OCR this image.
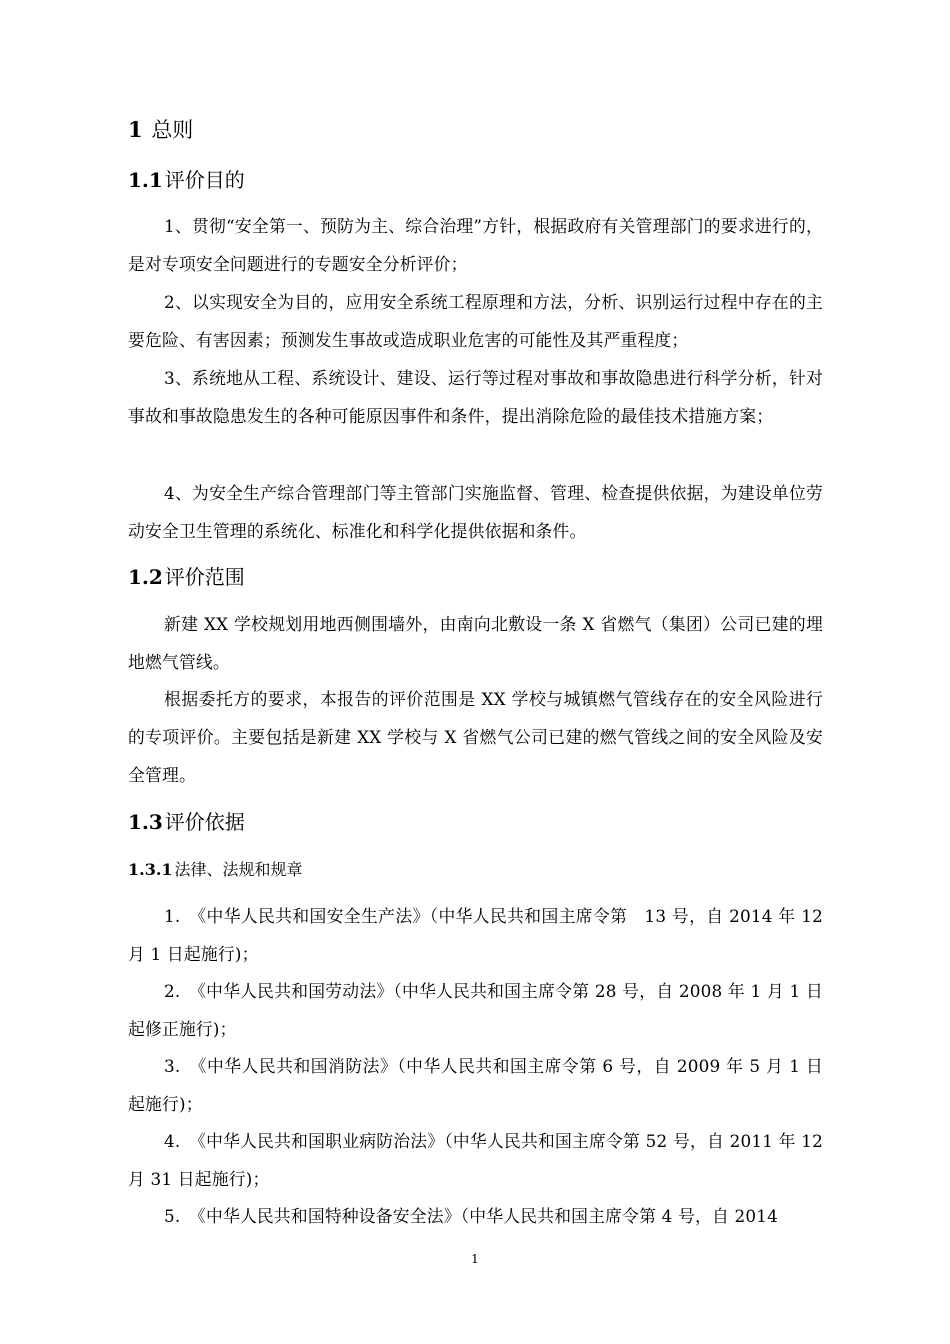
1 总则
1.1 评价目的

1、贯彻“安全第一、预防为主、综合治理”方针，根据政府有关管理部门的要求进行的，是对专项安全问题进行的专题安全分析评价；

2、以实现安全为目的，应用安全系统工程原理和方法，分析、识别运行过程中存在的主要危险、有害因素；预测发生事故或造成职业危害的可能性及其严重程度；

3、系统地从工程、系统设计、建设、运行等过程对事故和事故隐患进行科学分析，针对事故和事故隐患发生的各种可能原因事件和条件，提出消除危险的最佳技术措施方案；

4、为安全生产综合管理部门等主管部门实施监督、管理、检查提供依据，为建设单位劳动安全卫生管理的系统化、标准化和科学化提供依据和条件。

1.2 评价范围

新建 XX 学校规划用地西侧围墙外，由南向北敷设一条 X 省燃气（集团）公司已建的埋地燃气管线。

根据委托方的要求，本报告的评价范围是 XX 学校与城镇燃气管线存在的安全风险进行的专项评价。主要包括是新建 XX 学校与 X 省燃气公司已建的燃气管线之间的安全风险及安全管理。

1.3 评价依据
1.3.1 法律、法规和规章

1.　《中华人民共和国安全生产法》（中华人民共和国主席令第　13 号，自 2014 年 12 月 1 日起施行)；

2.　《中华人民共和国劳动法》（中华人民共和国主席令第 28 号，自 2008 年 1 月 1 日起修正施行)；

3.　《中华人民共和国消防法》（中华人民共和国主席令第 6 号，自 2009 年 5 月 1 日起施行)；

4.　《中华人民共和国职业病防治法》（中华人民共和国主席令第 52 号，自 2011 年 12 月 31 日起施行)；

5.　《中华人民共和国特种设备安全法》（中华人民共和国主席令第 4 号，自 2014

1
